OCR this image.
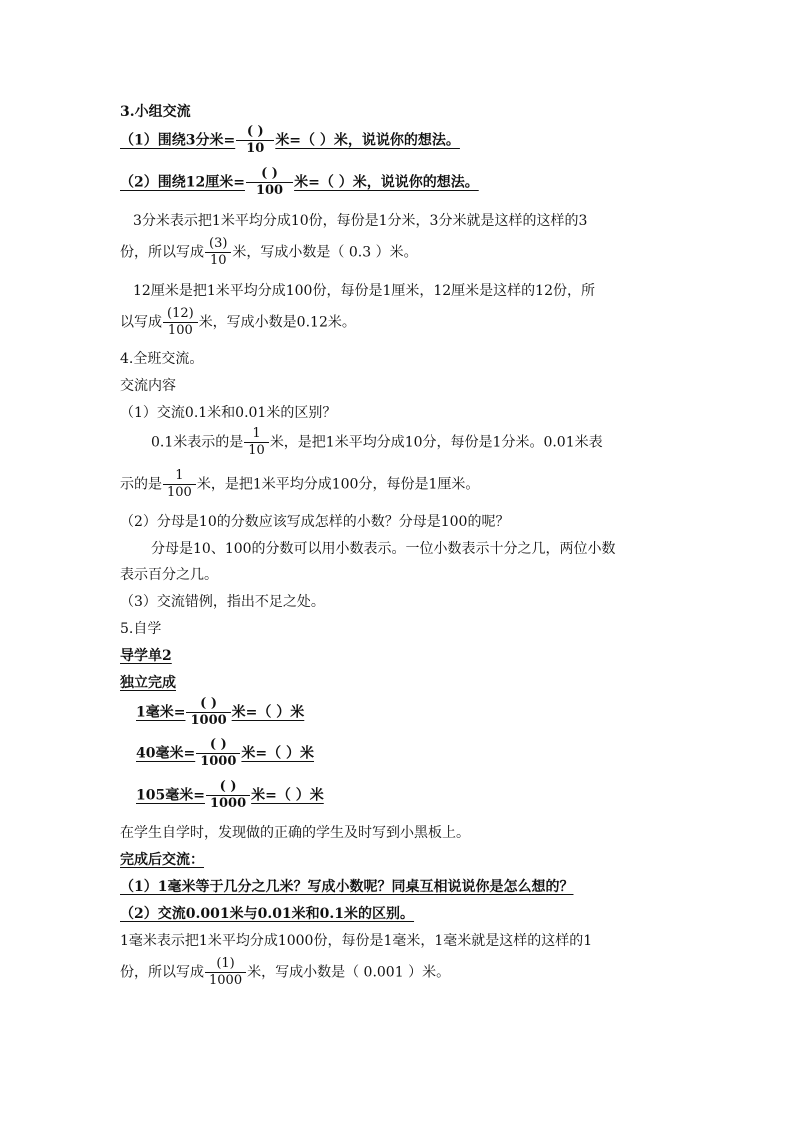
3.小组交流
（1）围绕3分米= $\frac{( )}{10}$ 米=（ ）米，说说你的想法。
（2）围绕12厘米= $\frac{( )}{100}$ 米=（ ）米，说说你的想法。
3分米表示把1米平均分成10份，每份是1分米，3分米就是这样的这样的3
份，所以写成 $\frac{(3)}{10}$ 米，写成小数是（ 0.3 ）米。
12厘米是把1米平均分成100份，每份是1厘米，12厘米是这样的12份，所
以写成 $\frac{(12)}{100}$ 米，写成小数是0.12米。
4.全班交流。
交流内容
（1）交流0.1米和0.01米的区别？
0.1米表示的是 $\frac{1}{10}$ 米，是把1米平均分成10分，每份是1分米。0.01米表
示的是 $\frac{1}{100}$ 米，是把1米平均分成100分，每份是1厘米。
（2）分母是10的分数应该写成怎样的小数？分母是100的呢？
分母是10、100的分数可以用小数表示。一位小数表示十分之几，两位小数
表示百分之几。
（3）交流错例，指出不足之处。
5.自学
导学单2
独立完成
1毫米= $\frac{( )}{1000}$ 米=（ ）米
40毫米= $\frac{( )}{1000}$ 米=（ ）米
105毫米= $\frac{( )}{1000}$ 米=（ ）米
在学生自学时，发现做的正确的学生及时写到小黑板上。
完成后交流：
（1）1毫米等于几分之几米？写成小数呢？同桌互相说说你是怎么想的？
（2）交流0.001米与0.01米和0.1米的区别。
1毫米表示把1米平均分成1000份，每份是1毫米，1毫米就是这样的这样的1
份，所以写成 $\frac{(1)}{1000}$ 米，写成小数是（ 0.001 ）米。
